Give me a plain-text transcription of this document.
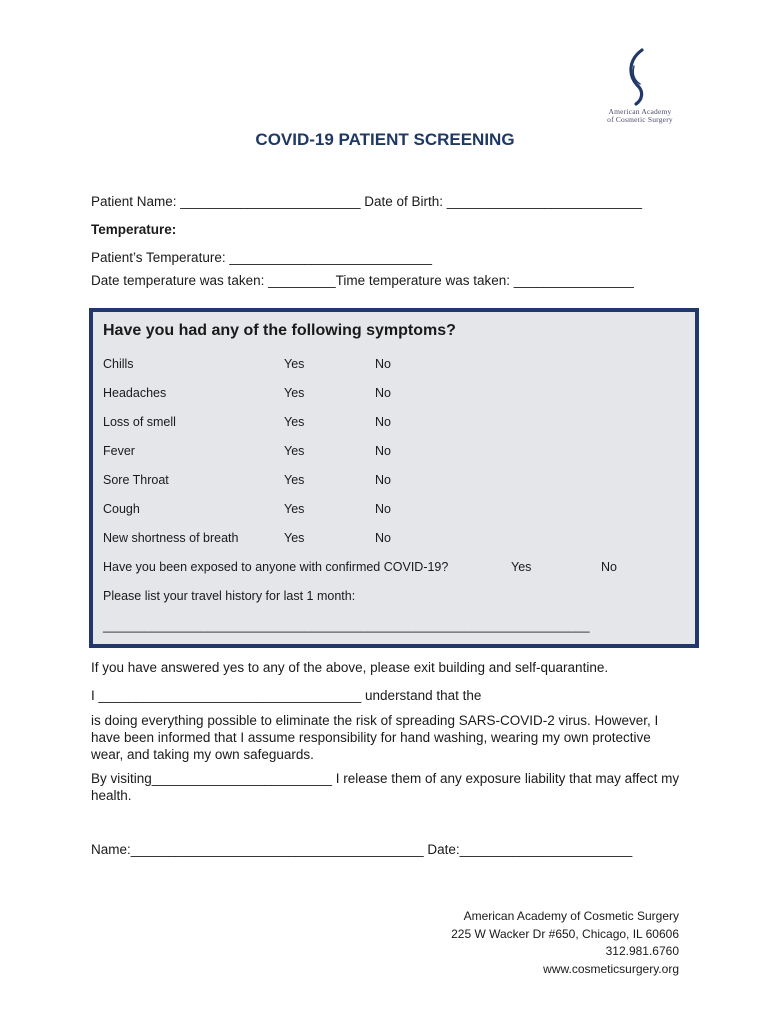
American Academy
of Cosmetic Surgery
COVID-19 PATIENT SCREENING
Patient Name: ________________________ Date of Birth: __________________________
Temperature:
Patient’s Temperature: ___________________________
Date temperature was taken: _________Time temperature was taken: ________________
Have you had any of the following symptoms?
Chills	Yes	No
Headaches	Yes	No
Loss of smell	Yes	No
Fever	Yes	No
Sore Throat	Yes	No
Cough	Yes	No
New shortness of breath	Yes	No
Have you been exposed to anyone with confirmed COVID-19?	Yes	No
Please list your travel history for last 1 month:
______________________________________________________________________
If you have answered yes to any of the above, please exit building and self-quarantine.
I ___________________________________ understand that the
is doing everything possible to eliminate the risk of spreading SARS-COVID-2 virus. However, I have been informed that I assume responsibility for hand washing, wearing my own protective wear, and taking my own safeguards.
By visiting________________________ I release them of any exposure liability that may affect my health.
Name:_______________________________________ Date:_______________________
American Academy of Cosmetic Surgery
225 W Wacker Dr #650, Chicago, IL 60606
312.981.6760
www.cosmeticsurgery.org
